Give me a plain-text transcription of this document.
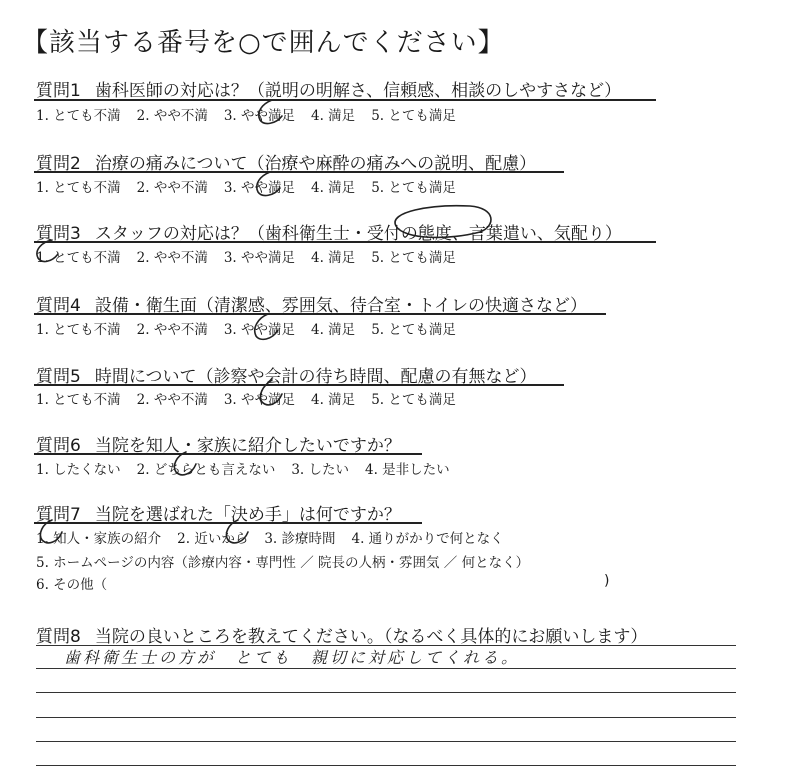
【該当する番号を○で囲んでください】
質問1 歯科医師の対応は？（説明の明解さ、信頼感、相談のしやすさなど）
1. とても不満 2. やや不満 3. やや満足 4. 満足 5. とても満足
質問2 治療の痛みについて（治療や麻酔の痛みへの説明、配慮）
1. とても不満 2. やや不満 3. やや満足 4. 満足 5. とても満足
質問3 スタッフの対応は？（歯科衛生士・受付の態度、言葉遣い、気配り）
1. とても不満 2. やや不満 3. やや満足 4. 満足 5. とても満足
質問4 設備・衛生面（清潔感、雰囲気、待合室・トイレの快適さなど）
1. とても不満 2. やや不満 3. やや満足 4. 満足 5. とても満足
質問5 時間について（診察や会計の待ち時間、配慮の有無など）
1. とても不満 2. やや不満 3. やや満足 4. 満足 5. とても満足
質問6 当院を知人・家族に紹介したいですか？
1. したくない 2. どちらとも言えない 3. したい 4. 是非したい
質問7 当院を選ばれた「決め手」は何ですか？
1. 知人・家族の紹介 2. 近いから 3. 診療時間 4. 通りがかりで何となく
5. ホームページの内容（診療内容・専門性 ／ 院長の人柄・雰囲気 ／ 何となく）
6. その他（	)
質問8 当院の良いところを教えてください。（なるべく具体的にお願いします）
歯科衛生士の方が　とても　親切に対応してくれる。
